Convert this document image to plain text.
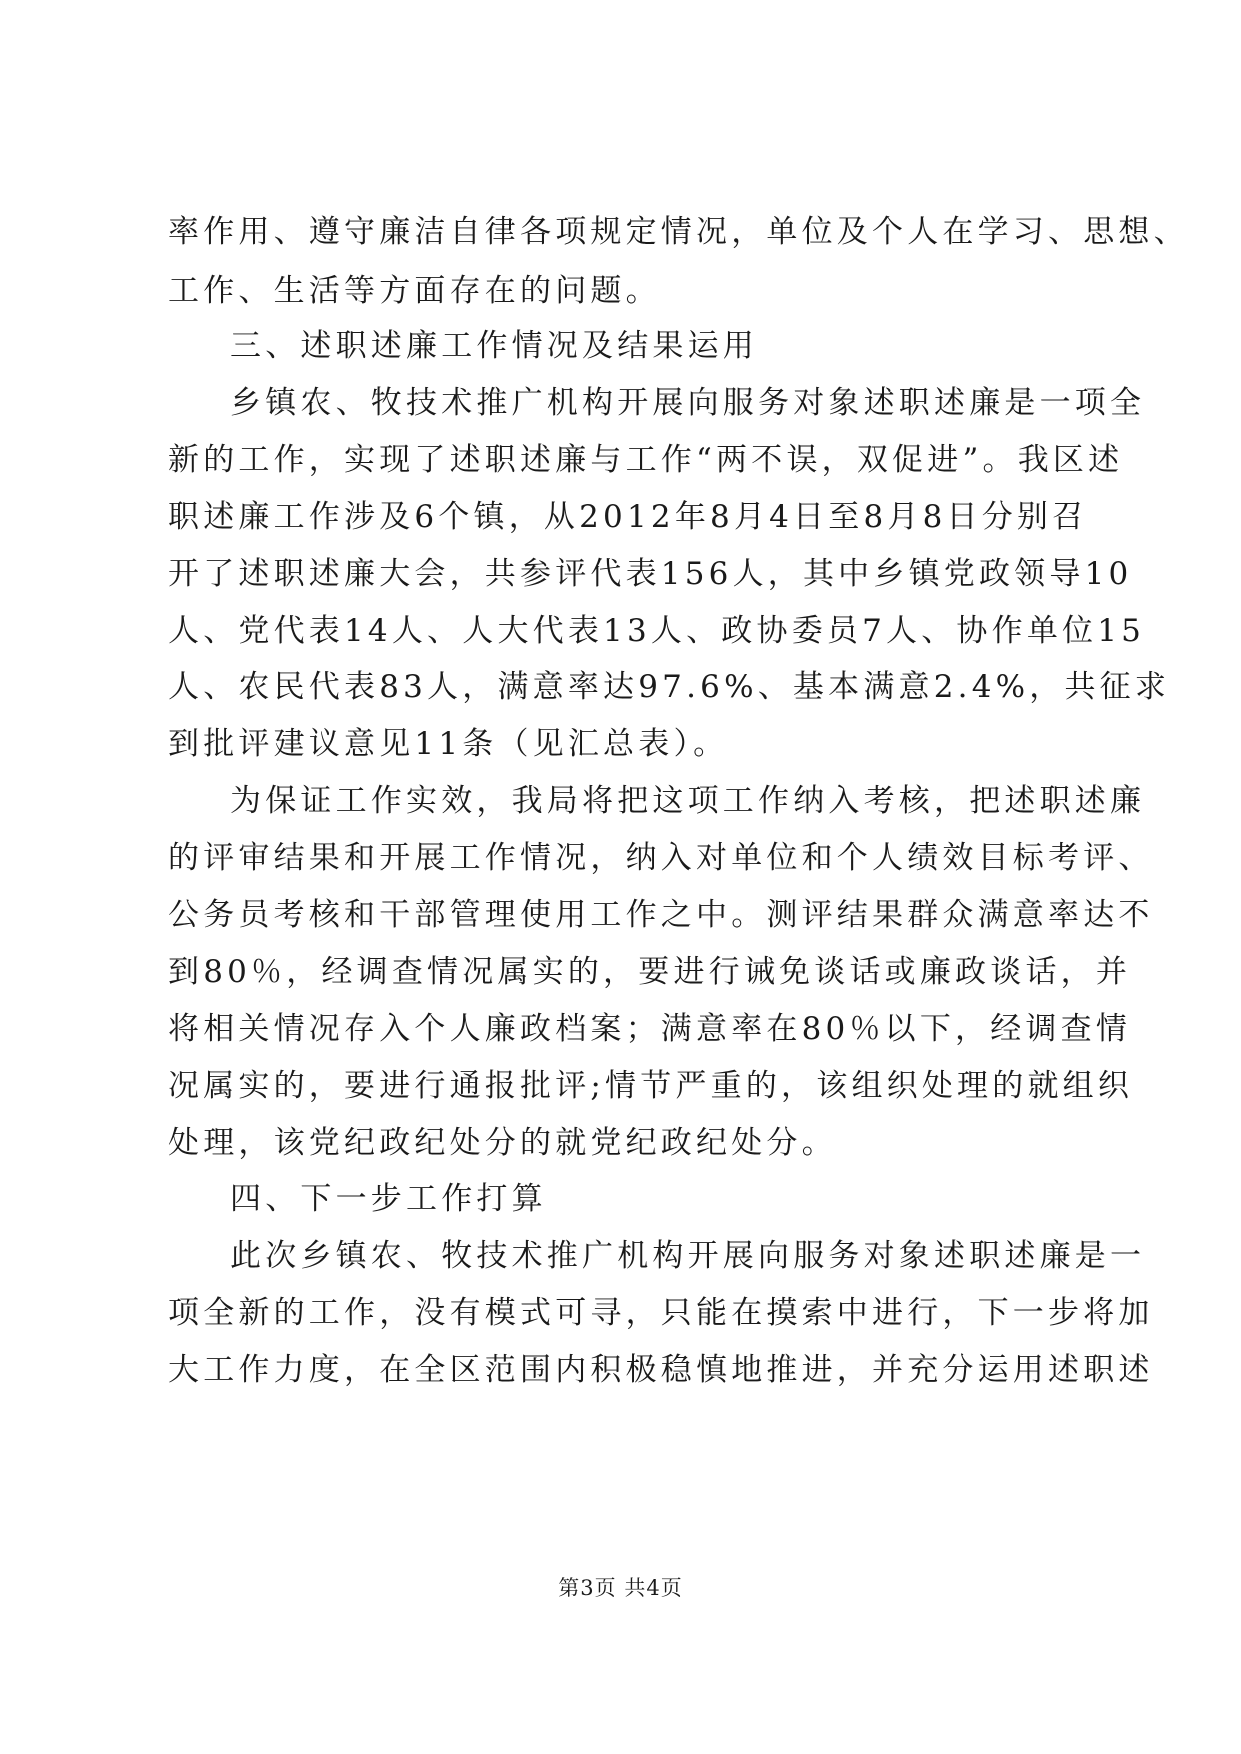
率作用、遵守廉洁自律各项规定情况，单位及个人在学习、思想、
工作、生活等方面存在的问题。
三、述职述廉工作情况及结果运用
乡镇农、牧技术推广机构开展向服务对象述职述廉是一项全
新的工作，实现了述职述廉与工作“两不误，双促进”。我区述
职述廉工作涉及6个镇，从2012年8月4日至8月8日分别召
开了述职述廉大会，共参评代表156人，其中乡镇党政领导10
人、党代表14人、人大代表13人、政协委员7人、协作单位15
人、农民代表83人，满意率达97.6%、基本满意2.4%，共征求
到批评建议意见11条（见汇总表）。
为保证工作实效，我局将把这项工作纳入考核，把述职述廉
的评审结果和开展工作情况，纳入对单位和个人绩效目标考评、
公务员考核和干部管理使用工作之中。测评结果群众满意率达不
到80％，经调查情况属实的，要进行诫免谈话或廉政谈话，并
将相关情况存入个人廉政档案；满意率在80％以下，经调查情
况属实的，要进行通报批评;情节严重的，该组织处理的就组织
处理，该党纪政纪处分的就党纪政纪处分。
四、下一步工作打算
此次乡镇农、牧技术推广机构开展向服务对象述职述廉是一
项全新的工作，没有模式可寻，只能在摸索中进行，下一步将加
大工作力度，在全区范围内积极稳慎地推进，并充分运用述职述
第3页 共4页
